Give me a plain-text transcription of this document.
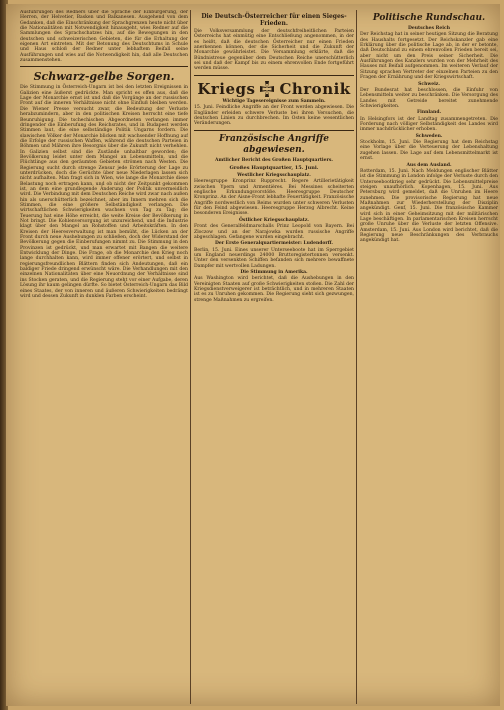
Ausführungen des Redners über die Sprache der Einbürgerung, der Herren, der Helvetier, Basken und Balkanesen. Ausgehend von dem Gedanken, daß die Einschränkung der Sprachgrenzen heute nicht über die Nationalitäten mit Notwendigkeit hinausgeht, wies Redner auf die Sammlungen des Sprachschatzes hin, auf die Bewegungen in den deutschen und schweizerischen Gebieten, die für die Erhaltung der eigenen Art eintreten. Mit der Betonung des Deutschtums in Schule und Haus schloß der Redner unter lebhaftem Beifall seine Ausführungen und wies auf die Notwendigkeit hin, daß alle Deutschen zusammenstehen.

Schwarz-gelbe Sorgen.

Die Stimmung in Österreich-Ungarn ist bei den letzten Ereignissen in Galizien eine äußerst gedrückte. Man spricht es offen aus, daß die Lage der Monarchie ernst ist und daß die Vorgänge an der russischen Front auf die inneren Verhältnisse nicht ohne Einfluß bleiben werden. Die Wiener Presse versucht zwar, die Bedeutung der Verluste herabzumindern, aber in den politischen Kreisen herrscht eine tiefe Beunruhigung. Die tschechischen Abgeordneten verlangen immer dringender die Einberufung des Reichsrates, und in Budapest werden Stimmen laut, die eine selbständige Politik Ungarns fordern. Die slawischen Völker der Monarchie blicken mit wachsender Hoffnung auf die Erfolge der russischen Waffen, während die deutschen Parteien in Böhmen und Mähren ihre Besorgnis über die Zukunft nicht verhehlen. In Galizien selbst sind die Zustände unhaltbar geworden; die Bevölkerung leidet unter dem Mangel an Lebensmitteln, und die Flüchtlinge aus den geräumten Gebieten strömen nach Westen. Die Regierung sucht durch strenge Zensur jede Erörterung der Lage zu unterdrücken, doch die Gerüchte über neue Niederlagen lassen sich nicht aufhalten. Man fragt sich in Wien, wie lange die Monarchie diese Belastung noch ertragen kann, und ob nicht der Zeitpunkt gekommen ist, an dem eine grundlegende Änderung der Politik unvermeidlich wird. Die Verbindung mit dem Deutschen Reiche wird zwar nach außen hin als unerschütterlich bezeichnet, aber im Innern mehren sich die Stimmen, die eine größere Selbständigkeit verlangen. Die wirtschaftlichen Schwierigkeiten wachsen von Tag zu Tag; die Teuerung hat eine Höhe erreicht, die weite Kreise der Bevölkerung in Not bringt. Die Kohlenversorgung ist unzureichend, und die Industrie klagt über den Mangel an Rohstoffen und Arbeitskräften. In den Kreisen der Heeresverwaltung ist man bemüht, die Lücken an der Front durch neue Aushebungen zu schließen, doch der Widerstand der Bevölkerung gegen die Einberufungen nimmt zu. Die Stimmung in den Provinzen ist gedrückt, und man erwartet mit Bangen die weitere Entwicklung der Dinge. Die Frage, ob die Monarchie den Krieg noch lange durchhalten kann, wird immer offener erörtert, und selbst in regierungsfreundlichen Blättern finden sich Andeutungen, daß ein baldiger Friede dringend erwünscht wäre. Die Verhandlungen mit den einzelnen Nationalitäten über eine Neuordnung der Verhältnisse sind ins Stocken geraten, und die Regierung steht vor einer Aufgabe, deren Lösung ihr kaum gelingen dürfte. So bietet Österreich-Ungarn das Bild eines Staates, der von inneren und äußeren Schwierigkeiten bedrängt wird und dessen Zukunft in dunklen Farben erscheint.

Die Deutsch-Österreicher für einen Sieges-Frieden.

Die Volksversammlung der deutschfreiheitlichen Parteien Österreichs hat einmütig eine Entschließung angenommen, in der es heißt, daß die deutschen Österreicher nur einen Frieden anerkennen können, der die Sicherheit und die Zukunft der Monarchie gewährleistet. Die Versammlung erklärte, daß die Bündnistreue gegenüber dem Deutschen Reiche unerschütterlich sei und daß der Kampf bis zu einem ehrenvollen Ende fortgeführt werden müsse.

Kriegs Chronik
Wichtige Tagesereignisse zum Sammeln.

15. Juni. Feindliche Angriffe an der Front werden abgewiesen. Die Engländer erleiden schwere Verluste bei ihren Versuchen, die deutschen Linien zu durchbrechen. Im Osten keine wesentlichen Veränderungen.

Französische Angriffe abgewiesen.
Amtlicher Bericht des Großen Hauptquartiers.
Großes Hauptquartier, 15. Juni.
Westlicher Kriegsschauplatz.

Heeresgruppe Kronprinz Rupprecht. Regere Artillerietätigkeit zwischen Ypern und Armentières. Bei Messines scheiterten englische Erkundungsvorstöße. Heeresgruppe Deutscher Kronprinz. An der Aisne-Front lebhafte Feuertätigkeit. Französische Angriffe nordwestlich von Reims wurden unter schweren Verlusten für den Feind abgewiesen. Heeresgruppe Herzog Albrecht. Keine besonderen Ereignisse.

Östlicher Kriegsschauplatz.

Front des Generalfeldmarschalls Prinz Leopold von Bayern. Bei Zloczow und an der Narajowka wurden russische Angriffe abgeschlagen. Gefangene wurden eingebracht.

Der Erste Generalquartiermeister: Ludendorff.

Berlin, 15. Juni. Eines unserer Unterseeboote hat im Sperrgebiet um England neuerdings 24000 Bruttoregistertonnen versenkt. Unter den versenkten Schiffen befanden sich mehrere bewaffnete Dampfer mit wertvollen Ladungen.

Die Stimmung in Amerika.

Aus Washington wird berichtet, daß die Aushebungen in den Vereinigten Staaten auf große Schwierigkeiten stoßen. Die Zahl der Kriegsdienstverweigerer ist beträchtlich, und in mehreren Staaten ist es zu Unruhen gekommen. Die Regierung sieht sich gezwungen, strenge Maßnahmen zu ergreifen.

Politische Rundschau.
Deutsches Reich

Der Reichstag hat in seiner heutigen Sitzung die Beratung des Haushalts fortgesetzt. Der Reichskanzler gab eine Erklärung über die politische Lage ab, in der er betonte, daß Deutschland zu einem ehrenvollen Frieden bereit sei, aber nicht um den Preis seiner Sicherheit. Die Ausführungen des Kanzlers wurden von der Mehrheit des Hauses mit Beifall aufgenommen. Im weiteren Verlauf der Sitzung sprachen Vertreter der einzelnen Parteien zu den Fragen der Ernährung und der Kriegswirtschaft.

Schweiz.

Der Bundesrat hat beschlossen, die Einfuhr von Lebensmitteln weiter zu beschränken. Die Versorgung des Landes mit Getreide bereitet zunehmende Schwierigkeiten.

Finnland.

In Helsingfors ist der Landtag zusammengetreten. Die Forderung nach völliger Selbständigkeit des Landes wird immer nachdrücklicher erhoben.

Schweden.

Stockholm, 15. Juni. Die Regierung hat dem Reichstag eine Vorlage über die Verteuerung der Lebenshaltung zugehen lassen. Die Lage auf dem Lebensmittelmarkt ist ernst.

Aus dem Ausland.

Rotterdam, 15. Juni. Nach Meldungen englischer Blätter ist die Stimmung in London infolge der Verluste durch den Unterseebootkrieg sehr gedrückt. Die Lebensmittelpreise steigen unaufhörlich. Kopenhagen, 15. Juni. Aus Petersburg wird gemeldet, daß die Unruhen im Heere zunehmen. Die provisorische Regierung hat neue Maßnahmen zur Wiederherstellung der Disziplin angekündigt. Genf, 15. Juni. Die französische Kammer wird sich in einer Geheimsitzung mit der militärischen Lage beschäftigen. In parlamentarischen Kreisen herrscht große Unruhe über die Verluste der letzten Offensive. Amsterdam, 15. Juni. Aus London wird berichtet, daß die Regierung neue Beschränkungen des Verbrauchs angekündigt hat.
